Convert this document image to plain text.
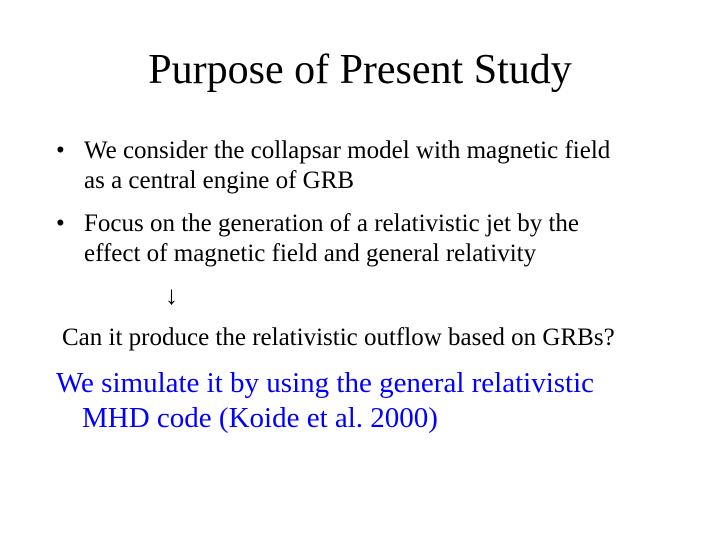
Purpose of Present Study
• We consider the collapsar model with magnetic field
as a central engine of GRB
• Focus on the generation of a relativistic jet by the
effect of magnetic field and general relativity
↓
Can it produce the relativistic outflow based on GRBs?
We simulate it by using the general relativistic
MHD code (Koide et al. 2000)
